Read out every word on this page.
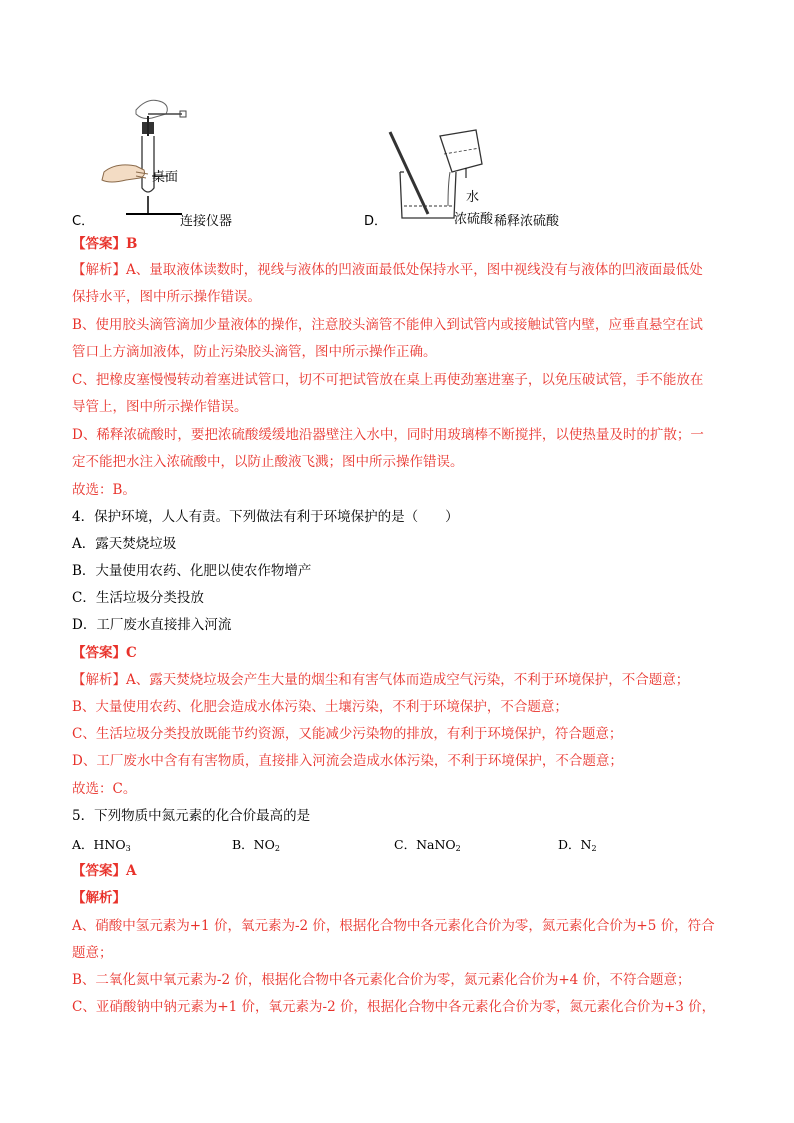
C．
桌面
连接仪器	D．
水
浓硫酸 稀释浓硫酸
【答案】B
【解析】A、量取液体读数时，视线与液体的凹液面最低处保持水平，图中视线没有与液体的凹液面最低处
保持水平，图中所示操作错误。
B、使用胶头滴管滴加少量液体的操作，注意胶头滴管不能伸入到试管内或接触试管内壁，应垂直悬空在试
管口上方滴加液体，防止污染胶头滴管，图中所示操作正确。
C、把橡皮塞慢慢转动着塞进试管口，切不可把试管放在桌上再使劲塞进塞子，以免压破试管，手不能放在
导管上，图中所示操作错误。
D、稀释浓硫酸时，要把浓硫酸缓缓地沿器壁注入水中，同时用玻璃棒不断搅拌，以使热量及时的扩散；一
定不能把水注入浓硫酸中，以防止酸液飞溅；图中所示操作错误。
故选：B。
4．保护环境，人人有责。下列做法有利于环境保护的是（　　）
A．露天焚烧垃圾
B．大量使用农药、化肥以使农作物增产
C．生活垃圾分类投放
D．工厂废水直接排入河流
【答案】C
【解析】A、露天焚烧垃圾会产生大量的烟尘和有害气体而造成空气污染，不利于环境保护，不合题意；
B、大量使用农药、化肥会造成水体污染、土壤污染，不利于环境保护，不合题意；
C、生活垃圾分类投放既能节约资源，又能减少污染物的排放，有利于环境保护，符合题意；
D、工厂废水中含有有害物质，直接排入河流会造成水体污染，不利于环境保护，不合题意；
故选：C。
5．下列物质中氮元素的化合价最高的是
A．$HNO_3$	B．$NO_2$	C．NaNO$_2$	D．$N_2$
【答案】A
【解析】
A、硝酸中氢元素为+1 价，氧元素为-2 价，根据化合物中各元素化合价为零，氮元素化合价为+5 价，符合
题意；
B、二氧化氮中氧元素为-2 价，根据化合物中各元素化合价为零，氮元素化合价为+4 价，不符合题意；
C、亚硝酸钠中钠元素为+1 价，氧元素为-2 价，根据化合物中各元素化合价为零，氮元素化合价为+3 价，
